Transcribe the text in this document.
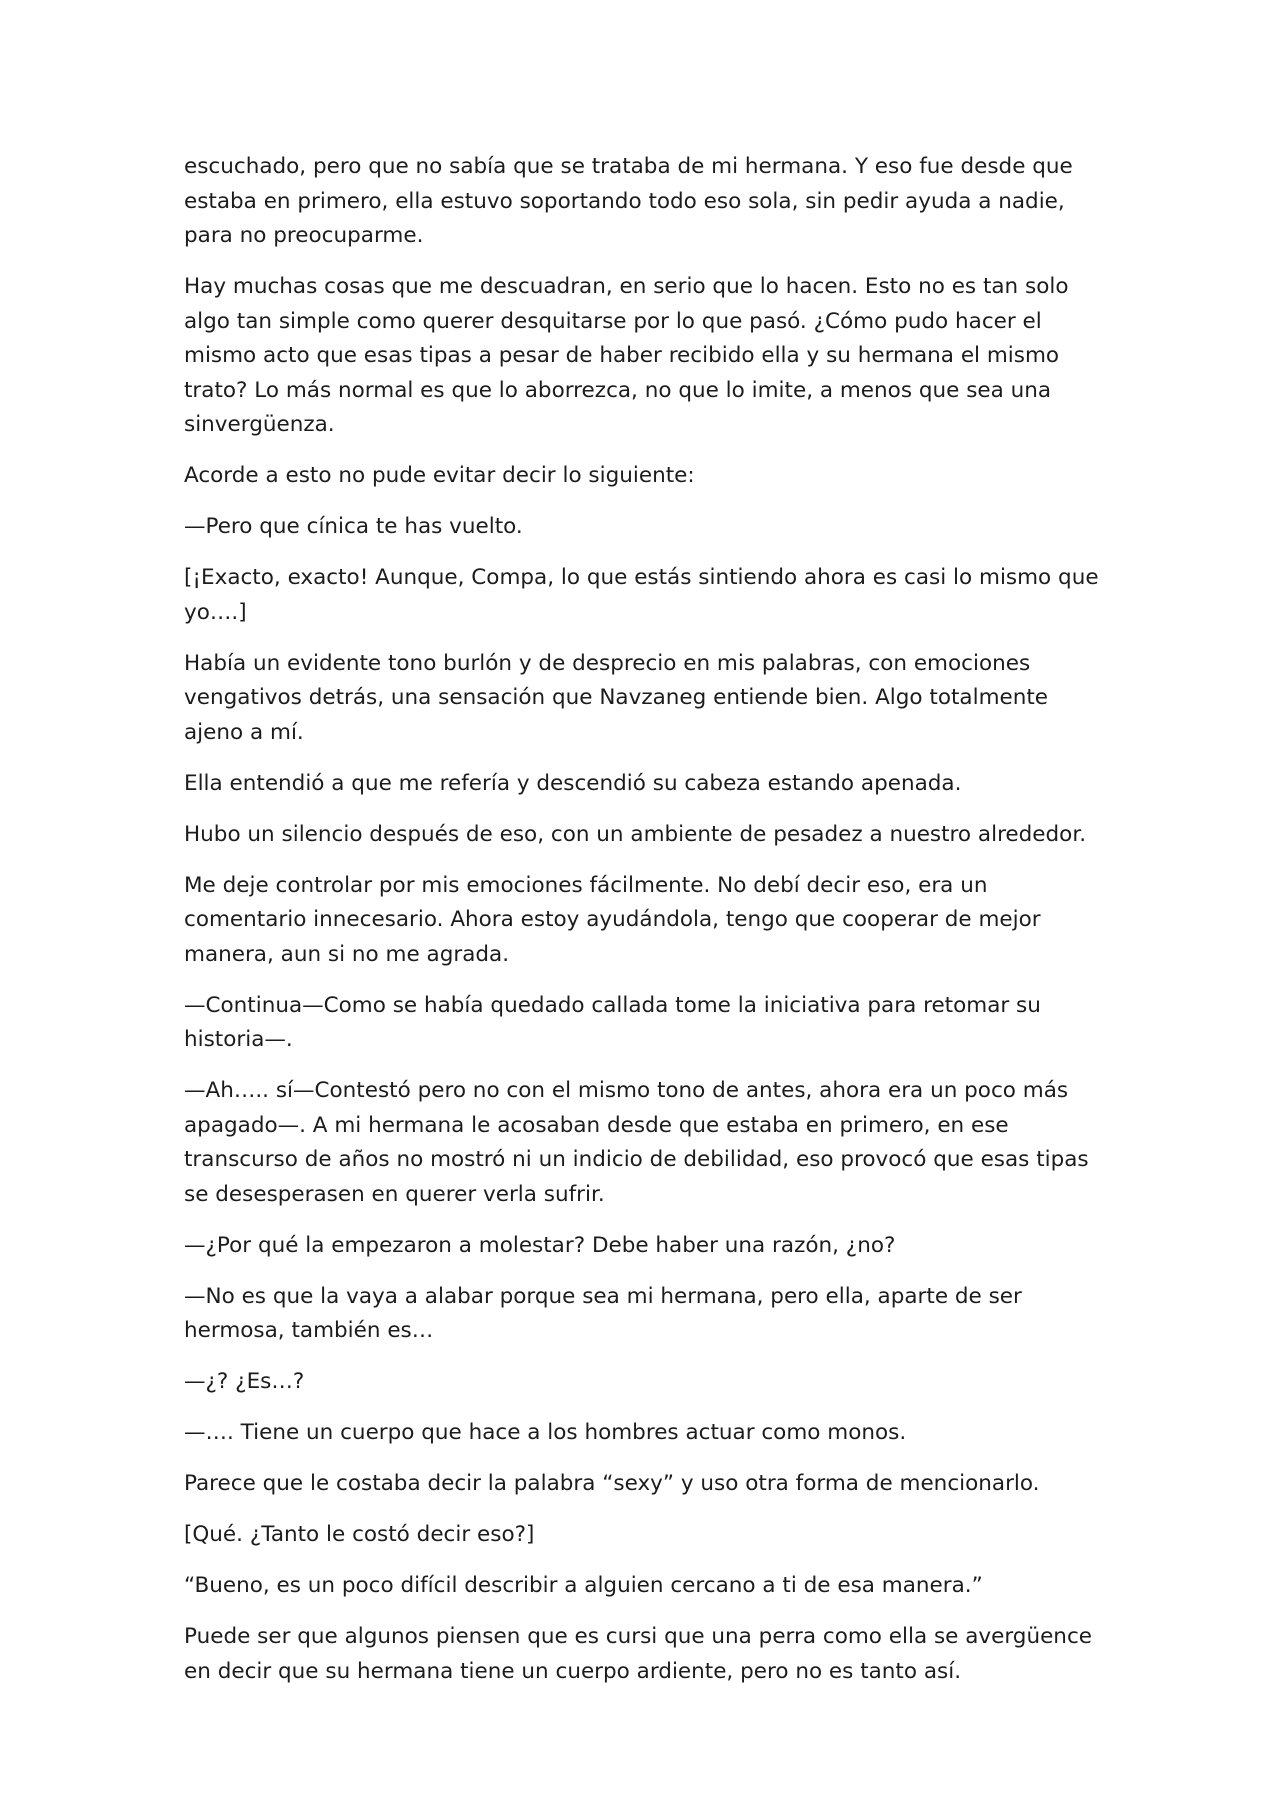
escuchado, pero que no sabía que se trataba de mi hermana. Y eso fue desde que estaba en primero, ella estuvo soportando todo eso sola, sin pedir ayuda a nadie, para no preocuparme.

Hay muchas cosas que me descuadran, en serio que lo hacen. Esto no es tan solo algo tan simple como querer desquitarse por lo que pasó. ¿Cómo pudo hacer el mismo acto que esas tipas a pesar de haber recibido ella y su hermana el mismo trato? Lo más normal es que lo aborrezca, no que lo imite, a menos que sea una sinvergüenza.

Acorde a esto no pude evitar decir lo siguiente:

—Pero que cínica te has vuelto.

[¡Exacto, exacto! Aunque, Compa, lo que estás sintiendo ahora es casi lo mismo que yo….]

Había un evidente tono burlón y de desprecio en mis palabras, con emociones vengativos detrás, una sensación que Navzaneg entiende bien. Algo totalmente ajeno a mí.

Ella entendió a que me refería y descendió su cabeza estando apenada.

Hubo un silencio después de eso, con un ambiente de pesadez a nuestro alrededor.

Me deje controlar por mis emociones fácilmente. No debí decir eso, era un comentario innecesario. Ahora estoy ayudándola, tengo que cooperar de mejor manera, aun si no me agrada.

—Continua—Como se había quedado callada tome la iniciativa para retomar su historia—.

—Ah….. sí—Contestó pero no con el mismo tono de antes, ahora era un poco más apagado—. A mi hermana le acosaban desde que estaba en primero, en ese transcurso de años no mostró ni un indicio de debilidad, eso provocó que esas tipas se desesperasen en querer verla sufrir.

—¿Por qué la empezaron a molestar? Debe haber una razón, ¿no?

—No es que la vaya a alabar porque sea mi hermana, pero ella, aparte de ser hermosa, también es…

—¿? ¿Es…?

—…. Tiene un cuerpo que hace a los hombres actuar como monos.

Parece que le costaba decir la palabra “sexy” y uso otra forma de mencionarlo.

[Qué. ¿Tanto le costó decir eso?]

“Bueno, es un poco difícil describir a alguien cercano a ti de esa manera.”

Puede ser que algunos piensen que es cursi que una perra como ella se avergüence en decir que su hermana tiene un cuerpo ardiente, pero no es tanto así.
